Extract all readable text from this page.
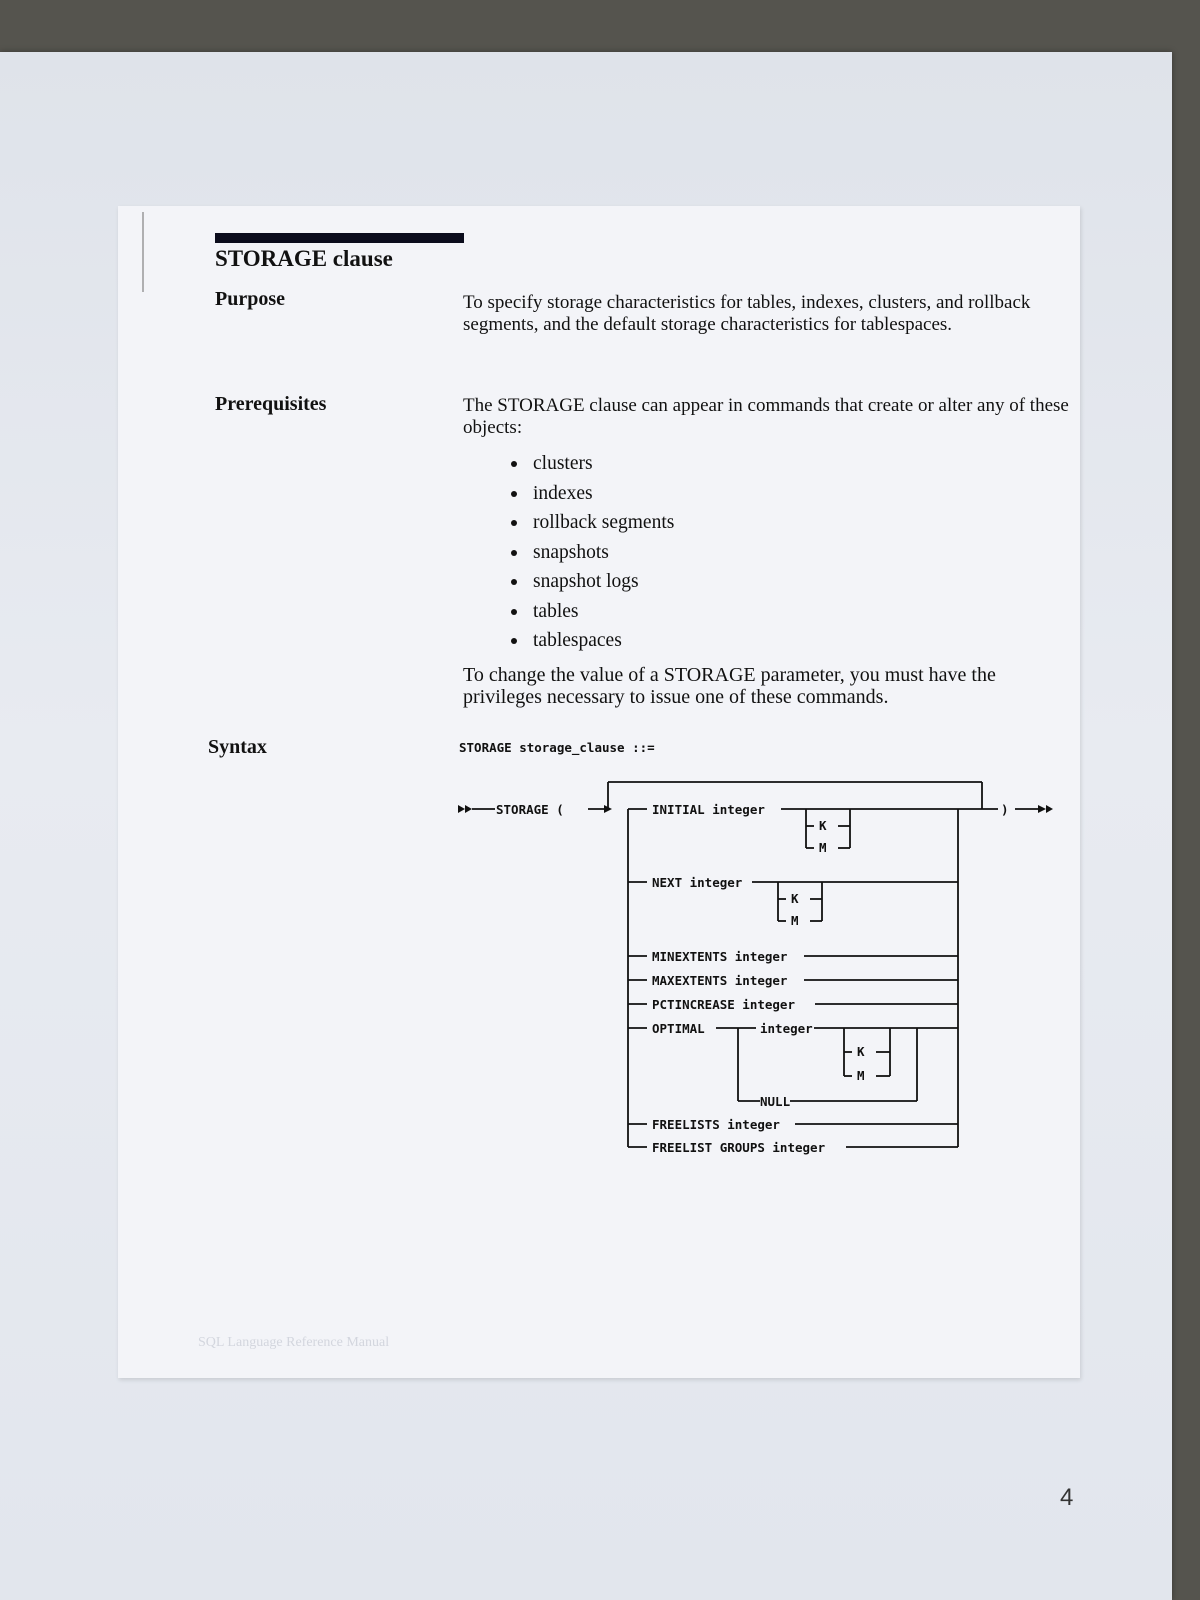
STORAGE clause
Purpose	To specify storage characteristics for tables, indexes, clusters, and rollback segments, and the default storage characteristics for tablespaces.
Prerequisites	The STORAGE clause can appear in commands that create or alter any of these objects:
clusters
indexes
rollback segments
snapshots
snapshot logs
tables
tablespaces
To change the value of a STORAGE parameter, you must have the privileges necessary to issue one of these commands.
Syntax	STORAGE storage_clause ::=
STORAGE (	)
INITIAL integer
K
M
NEXT integer
K
M
MINEXTENTS integer
MAXEXTENTS integer
PCTINCREASE integer
OPTIMAL	integer
K
M
NULL
FREELISTS integer
FREELIST GROUPS integer
SQL Language Reference Manual
4
